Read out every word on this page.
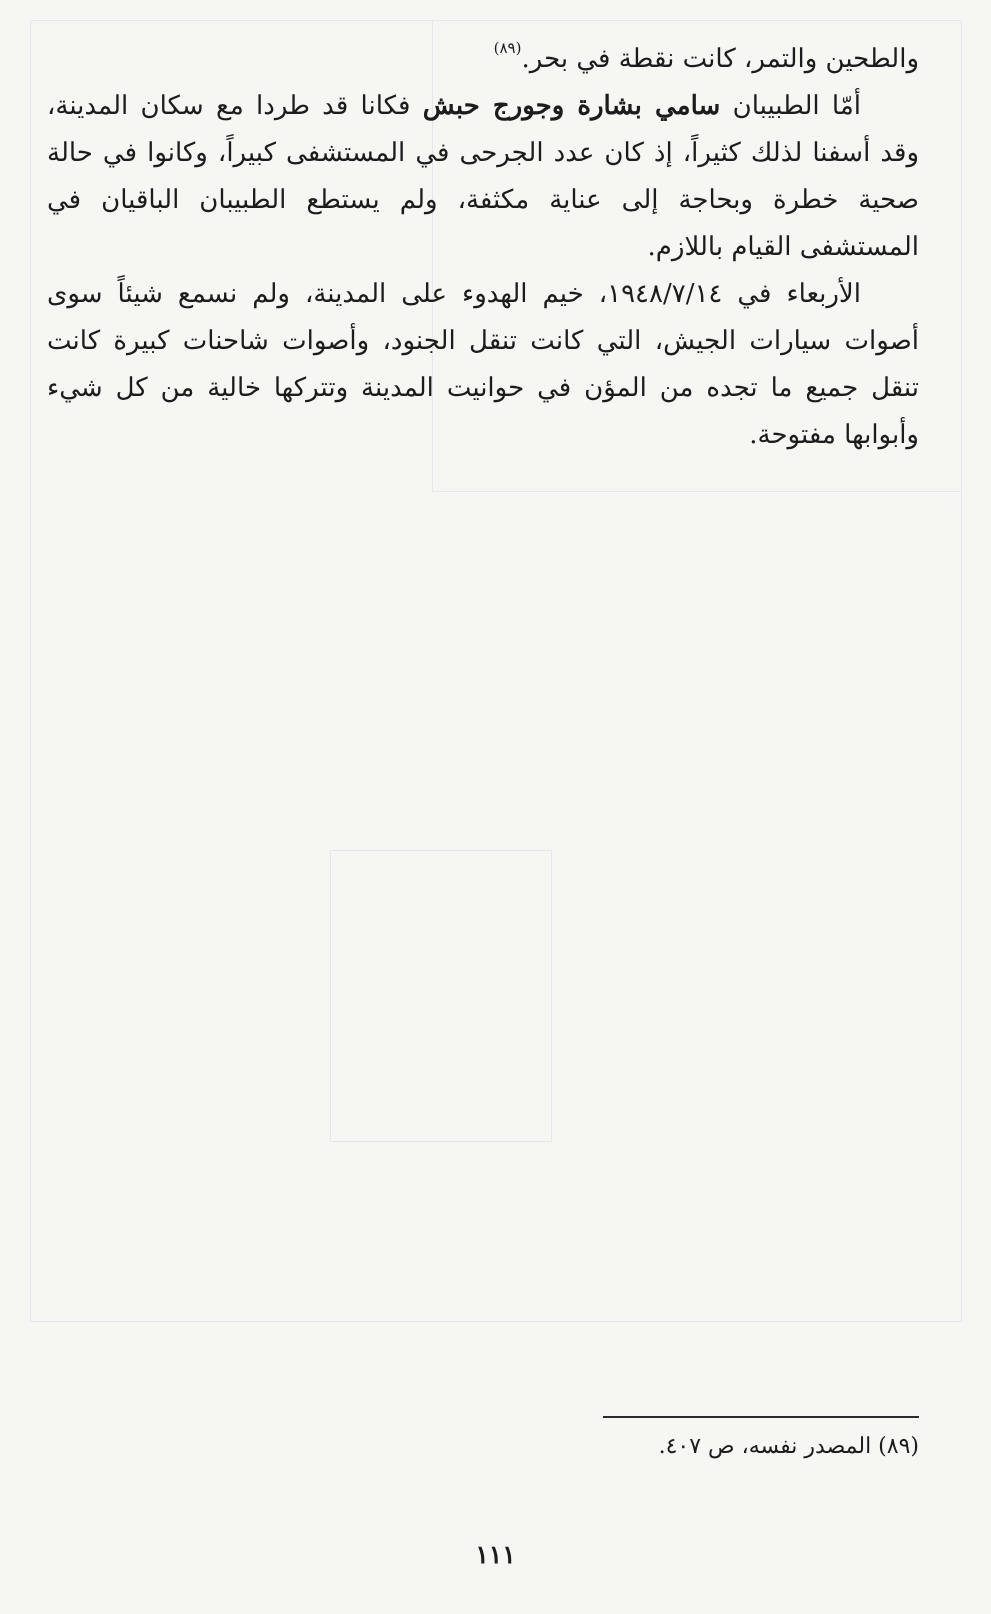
والطحين والتمر، كانت نقطة في بحر.$^{(٨٩)}$

أمّا الطبيبان سامي بشارة وجورج حبش فكانا قد طردا مع سكان المدينة، وقد أسفنا لذلك كثيراً، إذ كان عدد الجرحى في المستشفى كبيراً، وكانوا في حالة صحية خطرة وبحاجة إلى عناية مكثفة، ولم يستطع الطبيبان الباقيان في المستشفى القيام باللازم.

الأربعاء في ١٩٤٨/٧/١٤، خيم الهدوء على المدينة، ولم نسمع شيئاً سوى أصوات سيارات الجيش، التي كانت تنقل الجنود، وأصوات شاحنات كبيرة كانت تنقل جميع ما تجده من المؤن في حوانيت المدينة وتتركها خالية من كل شيء وأبوابها مفتوحة.

(٨٩) المصدر نفسه، ص ٤٠٧.
١١١
